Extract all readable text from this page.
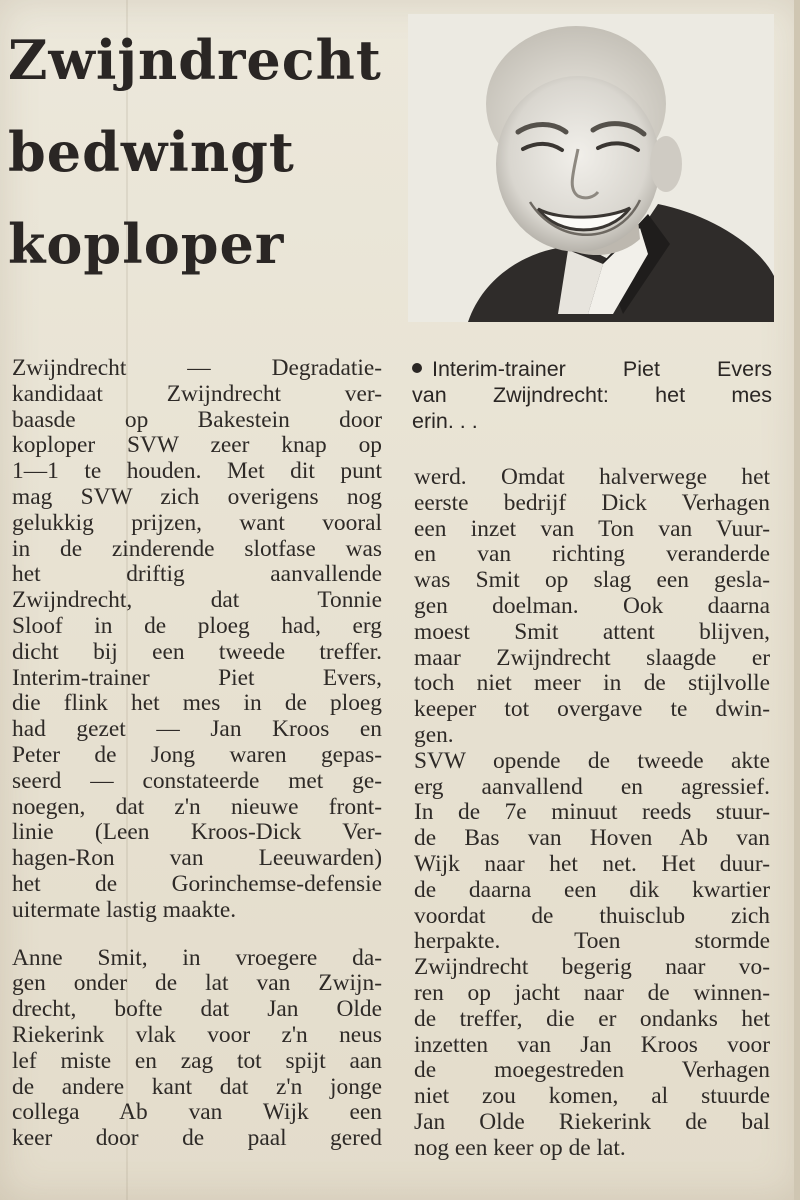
Zwijndrecht
bedwingt
koploper
Interim-trainer Piet Evers
van Zwijndrecht: het mes
erin. . .
Zwijndrecht — Degradatie-
kandidaat Zwijndrecht ver-
baasde op Bakestein door
koploper SVW zeer knap op
1—1 te houden. Met dit punt
mag SVW zich overigens nog
gelukkig prijzen, want vooral
in de zinderende slotfase was
het driftig aanvallende
Zwijndrecht, dat Tonnie
Sloof in de ploeg had, erg
dicht bij een tweede treffer.
Interim-trainer Piet Evers,
die flink het mes in de ploeg
had gezet — Jan Kroos en
Peter de Jong waren gepas-
seerd — constateerde met ge-
noegen, dat z'n nieuwe front-
linie (Leen Kroos-Dick Ver-
hagen-Ron van Leeuwarden)
het de Gorinchemse-defensie
uitermate lastig maakte.
Anne Smit, in vroegere da-
gen onder de lat van Zwijn-
drecht, bofte dat Jan Olde
Riekerink vlak voor z'n neus
lef miste en zag tot spijt aan
de andere kant dat z'n jonge
collega Ab van Wijk een
keer door de paal gered
werd. Omdat halverwege het
eerste bedrijf Dick Verhagen
een inzet van Ton van Vuur-
en van richting veranderde
was Smit op slag een gesla-
gen doelman. Ook daarna
moest Smit attent blijven,
maar Zwijndrecht slaagde er
toch niet meer in de stijlvolle
keeper tot overgave te dwin-
gen.
SVW opende de tweede akte
erg aanvallend en agressief.
In de 7e minuut reeds stuur-
de Bas van Hoven Ab van
Wijk naar het net. Het duur-
de daarna een dik kwartier
voordat de thuisclub zich
herpakte. Toen stormde
Zwijndrecht begerig naar vo-
ren op jacht naar de winnen-
de treffer, die er ondanks het
inzetten van Jan Kroos voor
de moegestreden Verhagen
niet zou komen, al stuurde
Jan Olde Riekerink de bal
nog een keer op de lat.
